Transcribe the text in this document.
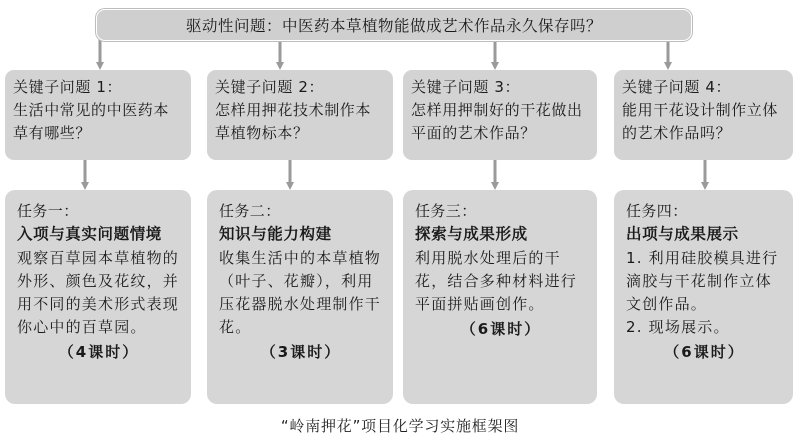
驱动性问题：中医药本草植物能做成艺术作品永久保存吗？
关键子问题 1：
生活中常见的中医药本草有哪些？
关键子问题 2：
怎样用押花技术制作本草植物标本？
关键子问题 3：
怎样用押制好的干花做出平面的艺术作品？
关键子问题 4：
能用干花设计制作立体的艺术作品吗？
任务一：
入项与真实问题情境
观察百草园本草植物的外形、颜色及花纹，并用不同的美术形式表现你心中的百草园。
（4课时）
任务二：
知识与能力构建
收集生活中的本草植物（叶子、花瓣），利用压花器脱水处理制作干花。
（3课时）
任务三：
探索与成果形成
利用脱水处理后的干花，结合多种材料进行平面拼贴画创作。
（6课时）
任务四：
出项与成果展示
1. 利用硅胶模具进行滴胶与干花制作立体文创作品。
2. 现场展示。
（6课时）
“岭南押花”项目化学习实施框架图
